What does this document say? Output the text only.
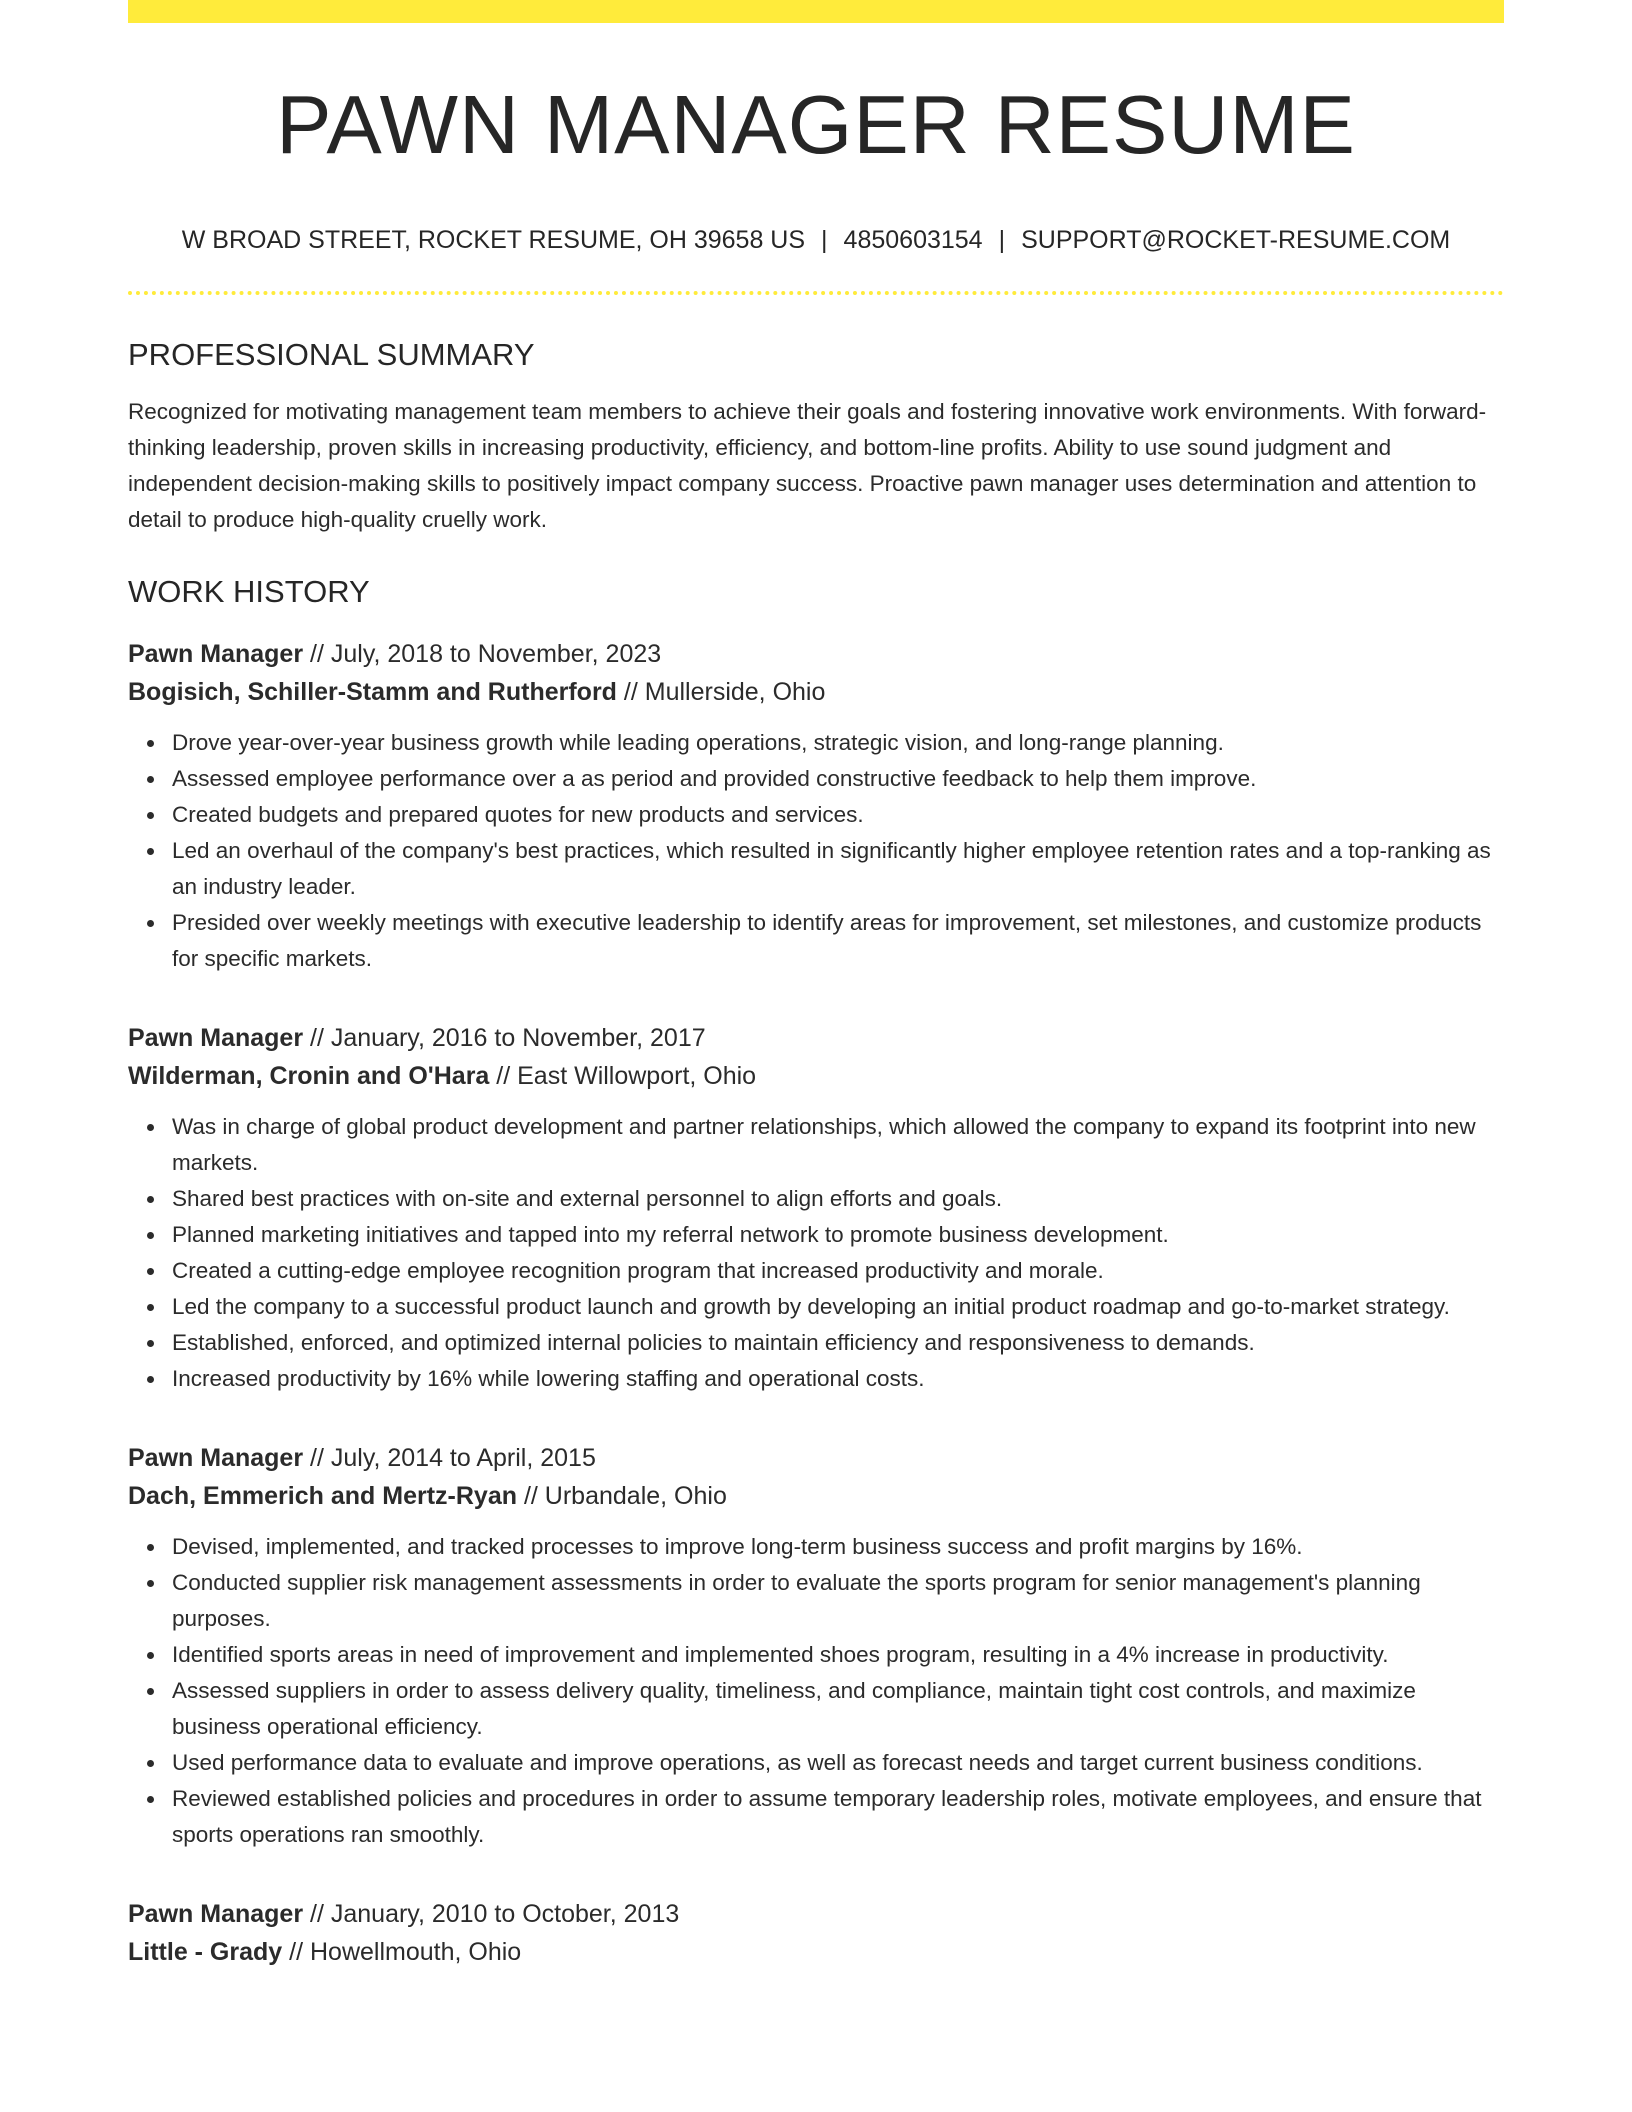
PAWN MANAGER RESUME
W BROAD STREET, ROCKET RESUME, OH 39658 US | 4850603154 | SUPPORT@ROCKET-RESUME.COM
PROFESSIONAL SUMMARY

Recognized for motivating management team members to achieve their goals and fostering innovative work environments. With forward-thinking leadership, proven skills in increasing productivity, efficiency, and bottom-line profits. Ability to use sound judgment and independent decision-making skills to positively impact company success. Proactive pawn manager uses determination and attention to detail to produce high-quality cruelly work.

WORK HISTORY
Pawn Manager // July, 2018 to November, 2023
Bogisich, Schiller-Stamm and Rutherford // Mullerside, Ohio
Drove year-over-year business growth while leading operations, strategic vision, and long-range planning.
Assessed employee performance over a as period and provided constructive feedback to help them improve.
Created budgets and prepared quotes for new products and services.
Led an overhaul of the company's best practices, which resulted in significantly higher employee retention rates and a top-ranking as an industry leader.
Presided over weekly meetings with executive leadership to identify areas for improvement, set milestones, and customize products for specific markets.
Pawn Manager // January, 2016 to November, 2017
Wilderman, Cronin and O'Hara // East Willowport, Ohio
Was in charge of global product development and partner relationships, which allowed the company to expand its footprint into new markets.
Shared best practices with on-site and external personnel to align efforts and goals.
Planned marketing initiatives and tapped into my referral network to promote business development.
Created a cutting-edge employee recognition program that increased productivity and morale.
Led the company to a successful product launch and growth by developing an initial product roadmap and go-to-market strategy.
Established, enforced, and optimized internal policies to maintain efficiency and responsiveness to demands.
Increased productivity by 16% while lowering staffing and operational costs.
Pawn Manager // July, 2014 to April, 2015
Dach, Emmerich and Mertz-Ryan // Urbandale, Ohio
Devised, implemented, and tracked processes to improve long-term business success and profit margins by 16%.
Conducted supplier risk management assessments in order to evaluate the sports program for senior management's planning purposes.
Identified sports areas in need of improvement and implemented shoes program, resulting in a 4% increase in productivity.
Assessed suppliers in order to assess delivery quality, timeliness, and compliance, maintain tight cost controls, and maximize business operational efficiency.
Used performance data to evaluate and improve operations, as well as forecast needs and target current business conditions.
Reviewed established policies and procedures in order to assume temporary leadership roles, motivate employees, and ensure that sports operations ran smoothly.
Pawn Manager // January, 2010 to October, 2013
Little - Grady // Howellmouth, Ohio
